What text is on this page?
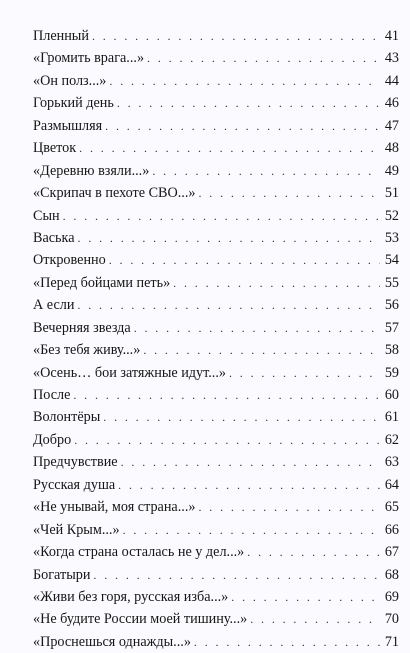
Пленный . . .	41
«Громить врага...» . . .	43
«Он полз...» . . .	44
Горький день . . .	46
Размышляя . . .	47
Цветок . . .	48
«Деревню взяли...» . . .	49
«Скрипач в пехоте СВО...» . . .	51
Сын . . .	52
Васька . . .	53
Откровенно . . .	54
«Перед бойцами петь» . . .	55
А если . . .	56
Вечерняя звезда . . .	57
«Без тебя живу...» . . .	58
«Осень… бои затяжные идут...» . . .	59
После . . .	60
Волонтёры . . .	61
Добро . . .	62
Предчувствие . . .	63
Русская душа . . .	64
«Не унывай, моя страна...» . . .	65
«Чей Крым...» . . .	66
«Когда страна осталась не у дел...» . . .	67
Богатыри . . .	68
«Живи без горя, русская изба...» . . .	69
«Не будите России моей тишину...» . . .	70
«Проснешься однажды...» . . .	71
